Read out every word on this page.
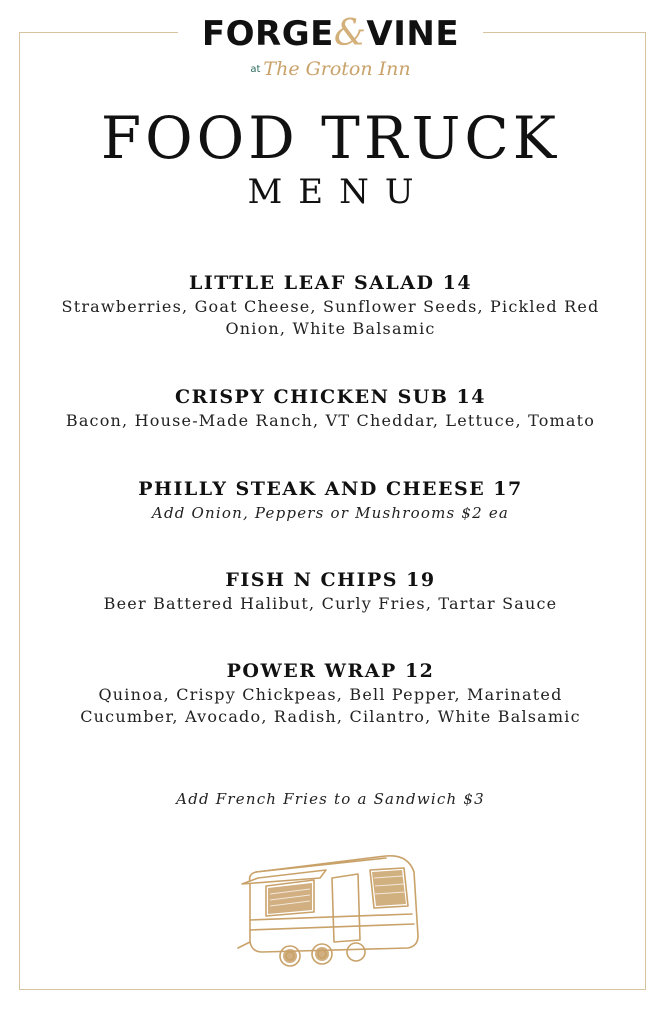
FORGE&VINE
at The Groton Inn
FOOD TRUCK
MENU
LITTLE LEAF SALAD 14
Strawberries, Goat Cheese, Sunflower Seeds, Pickled Red Onion, White Balsamic
CRISPY CHICKEN SUB 14
Bacon, House-Made Ranch, VT Cheddar, Lettuce, Tomato
PHILLY STEAK AND CHEESE 17
Add Onion, Peppers or Mushrooms $2 ea
FISH N CHIPS 19
Beer Battered Halibut, Curly Fries, Tartar Sauce
POWER WRAP 12
Quinoa, Crispy Chickpeas, Bell Pepper, Marinated Cucumber, Avocado, Radish, Cilantro, White Balsamic
Add French Fries to a Sandwich $3
